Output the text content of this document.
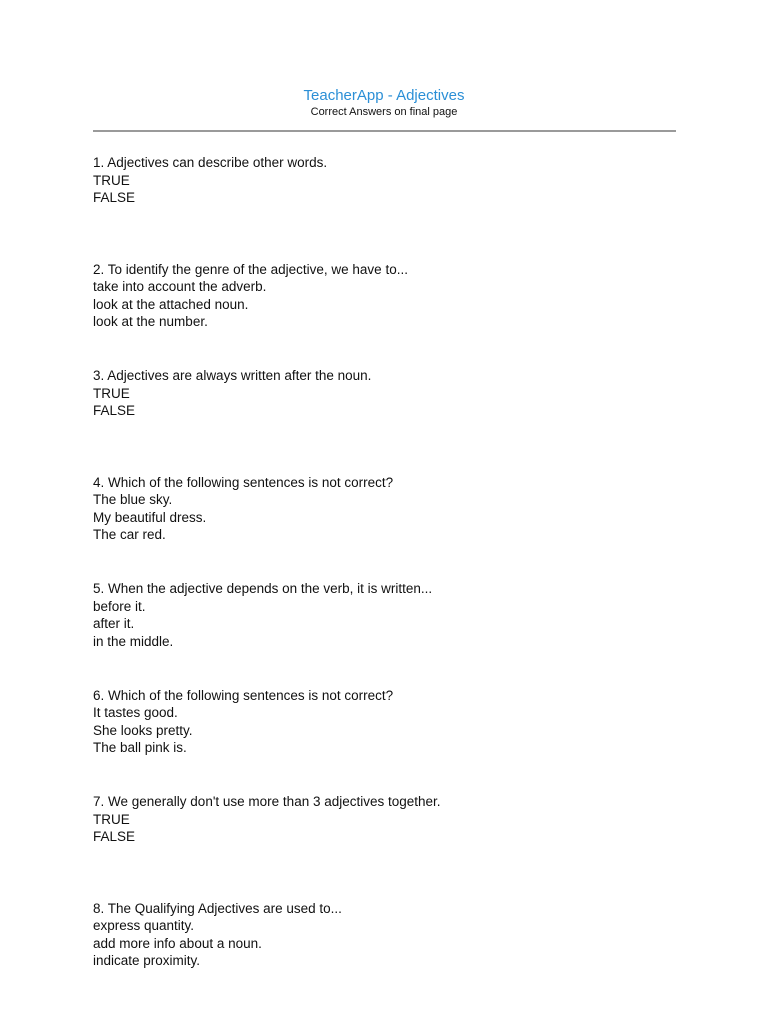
TeacherApp - Adjectives
Correct Answers on final page
1. Adjectives can describe other words.
TRUE
FALSE
2. To identify the genre of the adjective, we have to...
take into account the adverb.
look at the attached noun.
look at the number.
3. Adjectives are always written after the noun.
TRUE
FALSE
4. Which of the following sentences is not correct?
The blue sky.
My beautiful dress.
The car red.
5. When the adjective depends on the verb, it is written...
before it.
after it.
in the middle.
6. Which of the following sentences is not correct?
It tastes good.
She looks pretty.
The ball pink is.
7. We generally don't use more than 3 adjectives together.
TRUE
FALSE
8. The Qualifying Adjectives are used to...
express quantity.
add more info about a noun.
indicate proximity.
